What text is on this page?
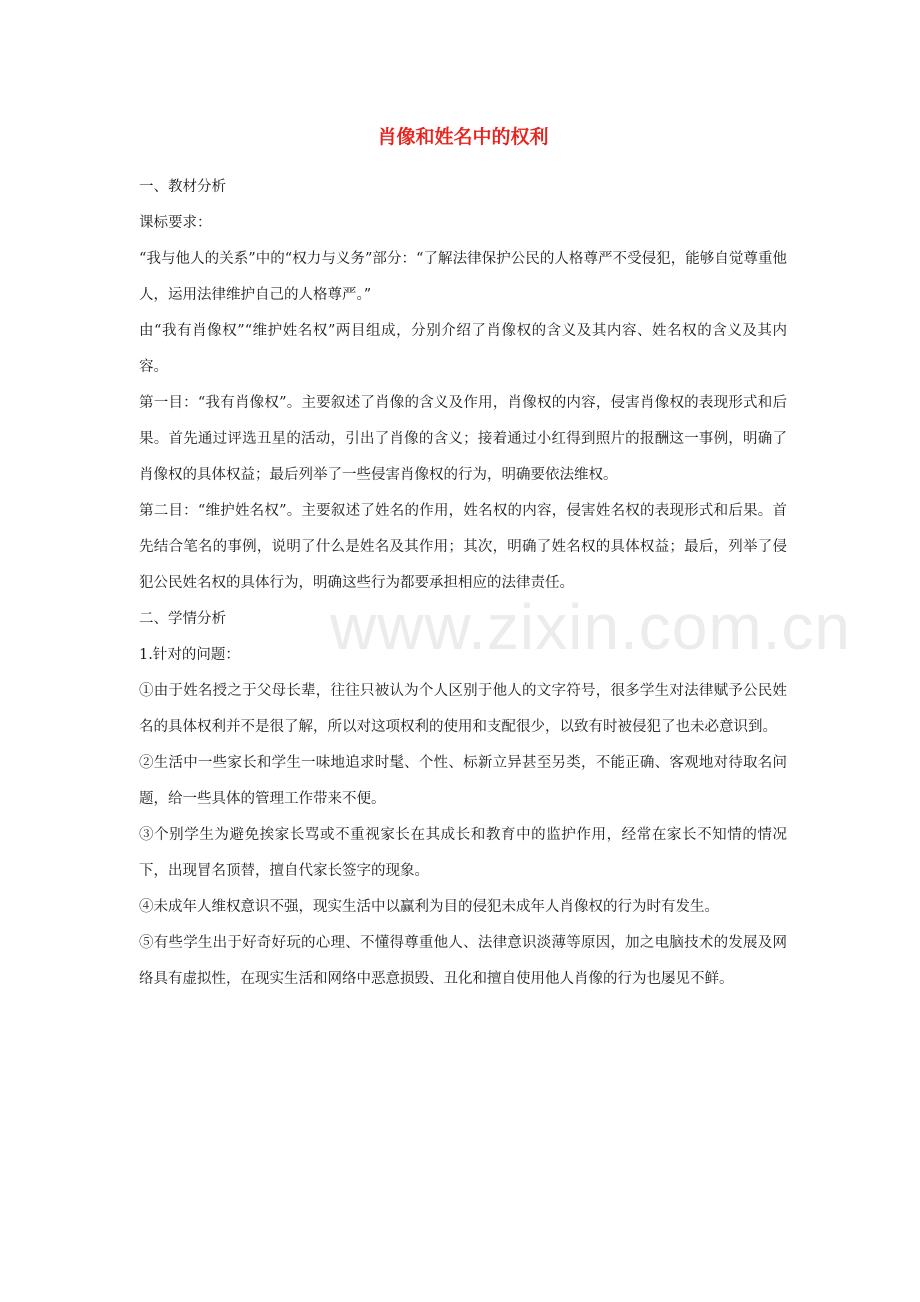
www.zixin.com.cn
肖像和姓名中的权利

一、教材分析

课标要求：

“我与他人的关系”中的“权力与义务”部分：“了解法律保护公民的人格尊严不受侵犯，能够自觉尊重他人，运用法律维护自己的人格尊严。”

由“我有肖像权”“维护姓名权”两目组成，分别介绍了肖像权的含义及其内容、姓名权的含义及其内容。

第一目：“我有肖像权”。主要叙述了肖像的含义及作用，肖像权的内容，侵害肖像权的表现形式和后果。首先通过评选丑星的活动，引出了肖像的含义；接着通过小红得到照片的报酬这一事例，明确了肖像权的具体权益；最后列举了一些侵害肖像权的行为，明确要依法维权。

第二目：“维护姓名权”。主要叙述了姓名的作用，姓名权的内容，侵害姓名权的表现形式和后果。首先结合笔名的事例，说明了什么是姓名及其作用；其次，明确了姓名权的具体权益；最后，列举了侵犯公民姓名权的具体行为，明确这些行为都要承担相应的法律责任。

二、学情分析

1.针对的问题：

①由于姓名授之于父母长辈，往往只被认为个人区别于他人的文字符号，很多学生对法律赋予公民姓名的具体权利并不是很了解，所以对这项权利的使用和支配很少，以致有时被侵犯了也未必意识到。

②生活中一些家长和学生一味地追求时髦、个性、标新立异甚至另类，不能正确、客观地对待取名问题，给一些具体的管理工作带来不便。

③个别学生为避免挨家长骂或不重视家长在其成长和教育中的监护作用，经常在家长不知情的情况下，出现冒名顶替，擅自代家长签字的现象。

④未成年人维权意识不强，现实生活中以赢利为目的侵犯未成年人肖像权的行为时有发生。

⑤有些学生出于好奇好玩的心理、不懂得尊重他人、法律意识淡薄等原因，加之电脑技术的发展及网络具有虚拟性，在现实生活和网络中恶意损毁、丑化和擅自使用他人肖像的行为也屡见不鲜。
